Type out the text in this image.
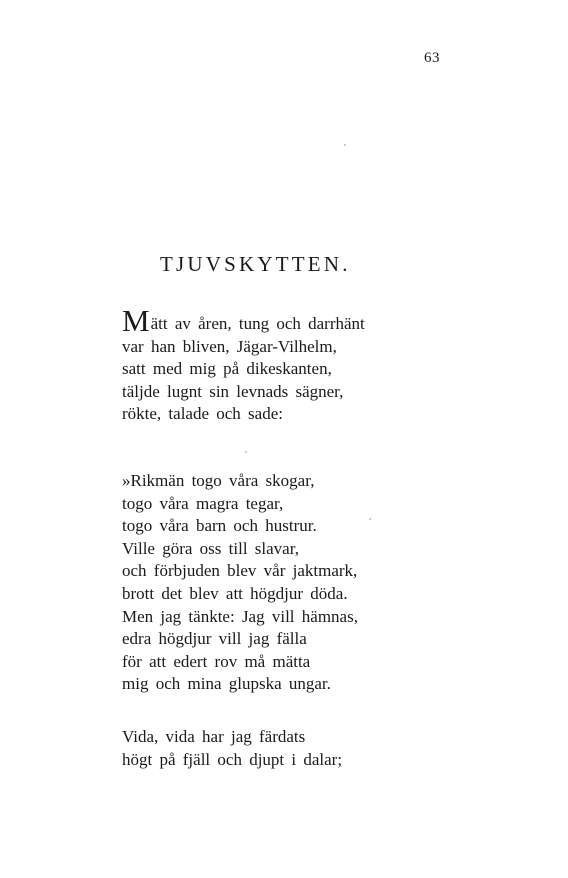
63
TJUVSKYTTEN.
Mätt av åren, tung och darrhänt
var han bliven, Jägar-Vilhelm,
satt med mig på dikeskanten,
täljde lugnt sin levnads sägner,
rökte, talade och sade:
»Rikmän togo våra skogar,
togo våra magra tegar,
togo våra barn och hustrur.
Ville göra oss till slavar,
och förbjuden blev vår jaktmark,
brott det blev att högdjur döda.
Men jag tänkte: Jag vill hämnas,
edra högdjur vill jag fälla
för att edert rov må mätta
mig och mina glupska ungar.
Vida, vida har jag färdats
högt på fjäll och djupt i dalar;
